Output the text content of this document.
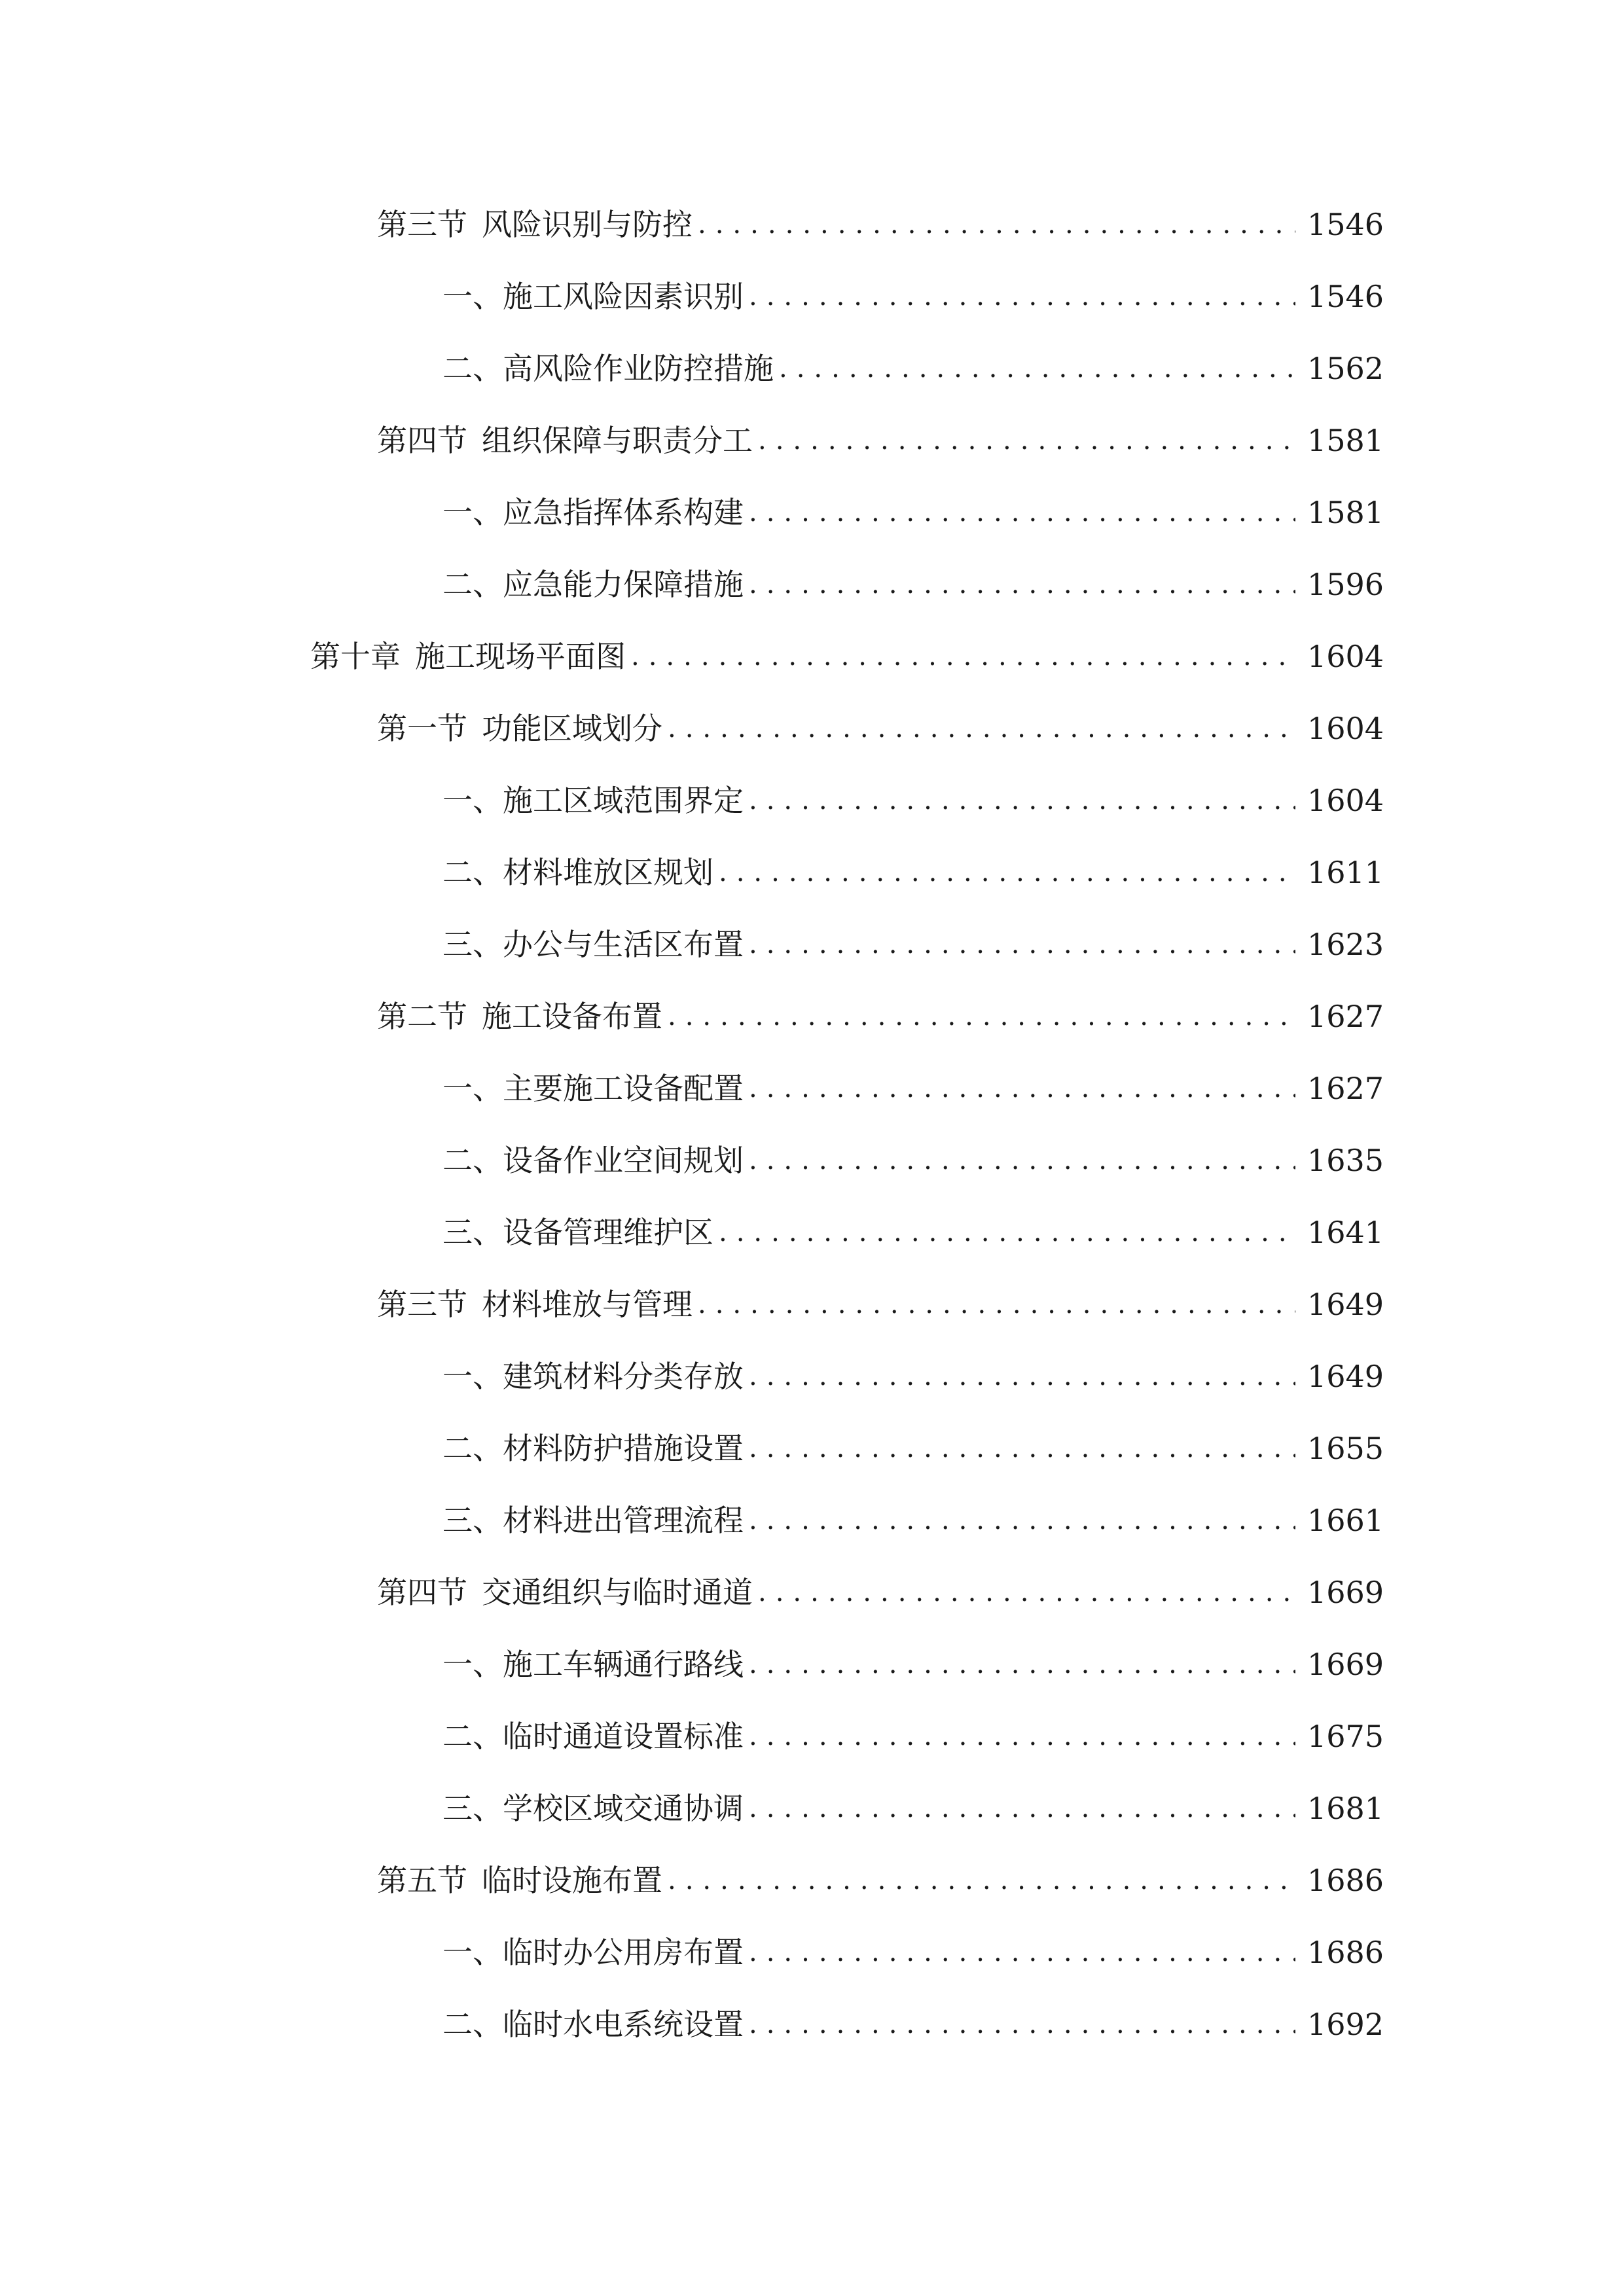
第三节 风险识别与防控 .....	1546
一、 施工风险因素识别 .....	1546
二、 高风险作业防控措施 .....	1562
第四节 组织保障与职责分工 .....	1581
一、 应急指挥体系构建 .....	1581
二、 应急能力保障措施 .....	1596
第十章 施工现场平面图 .....	1604
第一节 功能区域划分 .....	1604
一、 施工区域范围界定 .....	1604
二、 材料堆放区规划 .....	1611
三、 办公与生活区布置 .....	1623
第二节 施工设备布置 .....	1627
一、 主要施工设备配置 .....	1627
二、 设备作业空间规划 .....	1635
三、 设备管理维护区 .....	1641
第三节 材料堆放与管理 .....	1649
一、 建筑材料分类存放 .....	1649
二、 材料防护措施设置 .....	1655
三、 材料进出管理流程 .....	1661
第四节 交通组织与临时通道 .....	1669
一、 施工车辆通行路线 .....	1669
二、 临时通道设置标准 .....	1675
三、 学校区域交通协调 .....	1681
第五节 临时设施布置 .....	1686
一、 临时办公用房布置 .....	1686
二、 临时水电系统设置 .....	1692
